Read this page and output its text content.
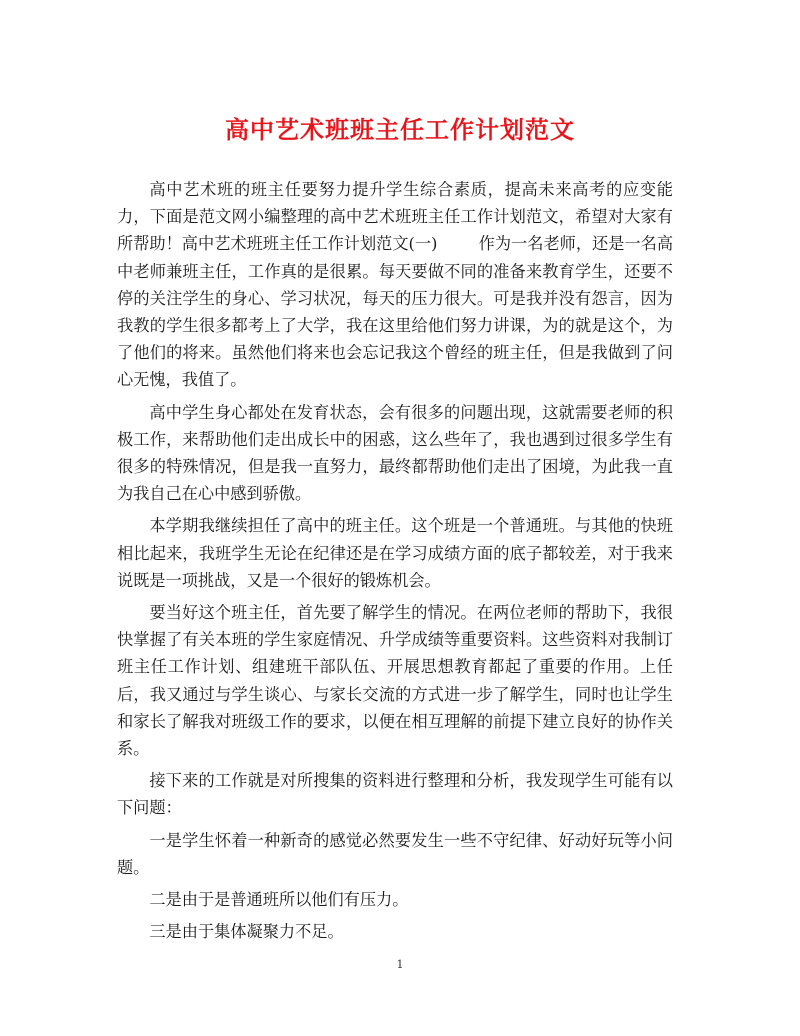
高中艺术班班主任工作计划范文

高中艺术班的班主任要努力提升学生综合素质，提高未来高考的应变能力，下面是范文网小编整理的高中艺术班班主任工作计划范文，希望对大家有所帮助！高中艺术班班主任工作计划范文(一)	作为一名老师，还是一名高中老师兼班主任，工作真的是很累。每天要做不同的准备来教育学生，还要不停的关注学生的身心、学习状况，每天的压力很大。可是我并没有怨言，因为我教的学生很多都考上了大学，我在这里给他们努力讲课，为的就是这个，为了他们的将来。虽然他们将来也会忘记我这个曾经的班主任，但是我做到了问心无愧，我值了。

高中学生身心都处在发育状态，会有很多的问题出现，这就需要老师的积极工作，来帮助他们走出成长中的困惑，这么些年了，我也遇到过很多学生有很多的特殊情况，但是我一直努力，最终都帮助他们走出了困境，为此我一直为我自己在心中感到骄傲。

本学期我继续担任了高中的班主任。这个班是一个普通班。与其他的快班相比起来，我班学生无论在纪律还是在学习成绩方面的底子都较差，对于我来说既是一项挑战，又是一个很好的锻炼机会。

要当好这个班主任，首先要了解学生的情况。在两位老师的帮助下，我很快掌握了有关本班的学生家庭情况、升学成绩等重要资料。这些资料对我制订班主任工作计划、组建班干部队伍、开展思想教育都起了重要的作用。上任后，我又通过与学生谈心、与家长交流的方式进一步了解学生，同时也让学生和家长了解我对班级工作的要求，以便在相互理解的前提下建立良好的协作关系。

接下来的工作就是对所搜集的资料进行整理和分析，我发现学生可能有以下问题：

一是学生怀着一种新奇的感觉必然要发生一些不守纪律、好动好玩等小问题。

二是由于是普通班所以他们有压力。

三是由于集体凝聚力不足。

1
